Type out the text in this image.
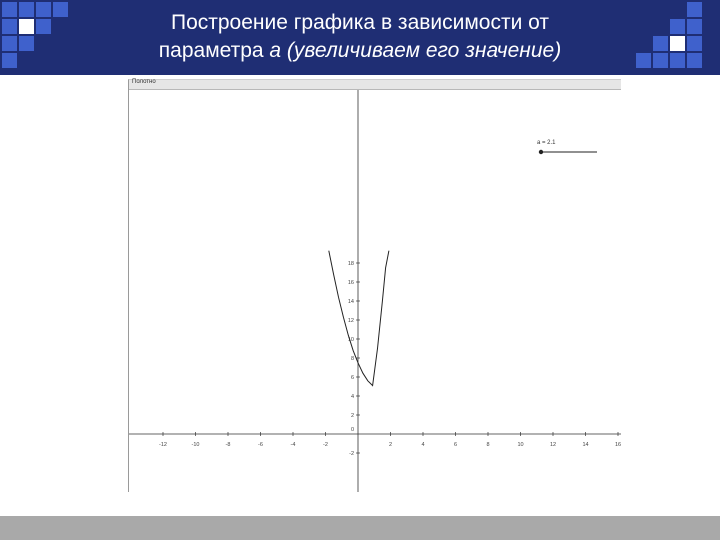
Построение графика в зависимости от
параметра a (увеличиваем его значение)
Полотно
-12	-10	-8	-6	-4	-2	2	4	6	8	10	12	14	16
-2
2
4
6
8
10
12
14
16
18
0
a = 2.1
